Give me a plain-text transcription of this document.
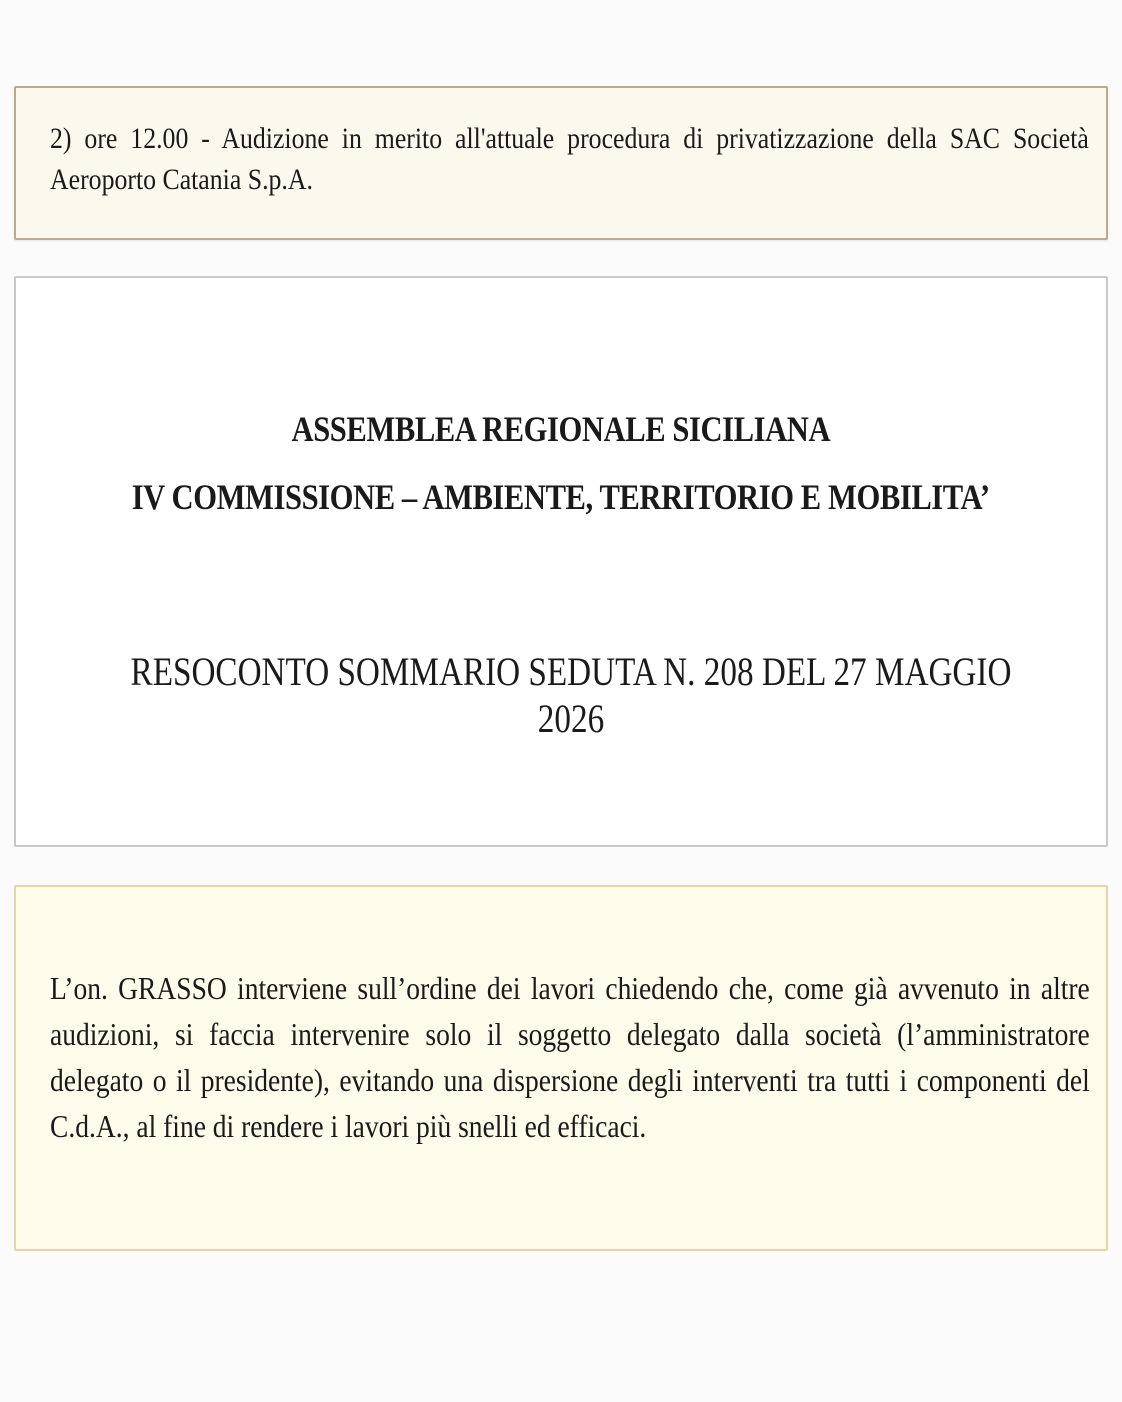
2) ore 12.00 - Audizione in merito all'attuale procedura di privatizzazione della SAC Società Aeroporto Catania S.p.A.

ASSEMBLEA REGIONALE SICILIANA

IV COMMISSIONE – AMBIENTE, TERRITORIO E MOBILITA’

RESOCONTO SOMMARIO SEDUTA N. 208 DEL 27 MAGGIO 2026

L’on. GRASSO interviene sull’ordine dei lavori chiedendo che, come già avvenuto in altre audizioni, si faccia intervenire solo il soggetto delegato dalla società (l’amministratore delegato o il presidente), evitando una dispersione degli interventi tra tutti i componenti del C.d.A., al fine di rendere i lavori più snelli ed efficaci.
